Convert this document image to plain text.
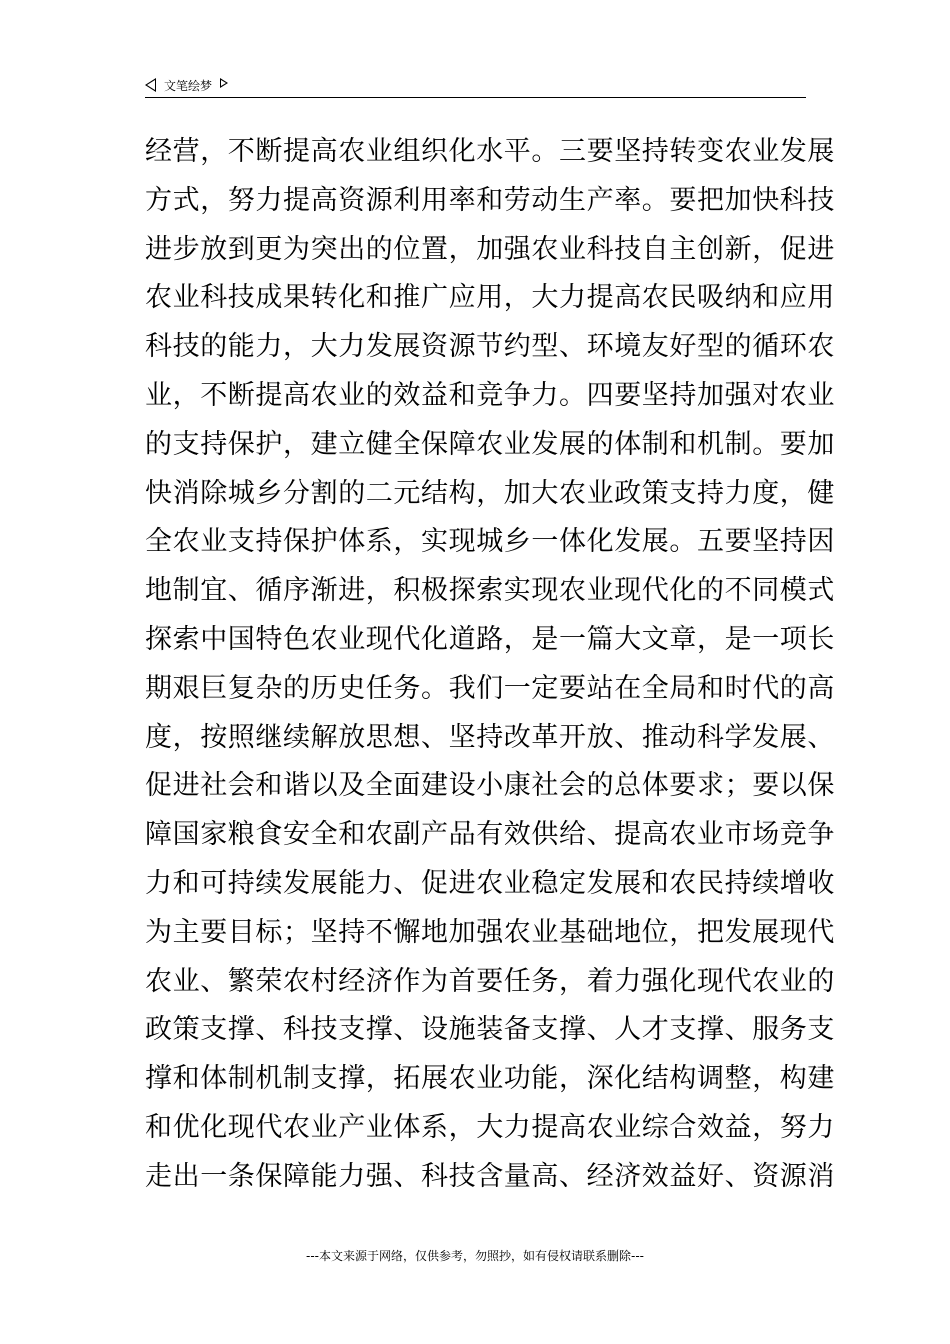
文笔绘梦
经营，不断提高农业组织化水平。三要坚持转变农业发展
方式，努力提高资源利用率和劳动生产率。要把加快科技
进步放到更为突出的位置，加强农业科技自主创新，促进
农业科技成果转化和推广应用，大力提高农民吸纳和应用
科技的能力，大力发展资源节约型、环境友好型的循环农
业，不断提高农业的效益和竞争力。四要坚持加强对农业
的支持保护，建立健全保障农业发展的体制和机制。要加
快消除城乡分割的二元结构，加大农业政策支持力度，健
全农业支持保护体系，实现城乡一体化发展。五要坚持因
地制宜、循序渐进，积极探索实现农业现代化的不同模式
探索中国特色农业现代化道路，是一篇大文章，是一项长
期艰巨复杂的历史任务。我们一定要站在全局和时代的高
度，按照继续解放思想、坚持改革开放、推动科学发展、
促进社会和谐以及全面建设小康社会的总体要求；要以保
障国家粮食安全和农副产品有效供给、提高农业市场竞争
力和可持续发展能力、促进农业稳定发展和农民持续增收
为主要目标；坚持不懈地加强农业基础地位，把发展现代
农业、繁荣农村经济作为首要任务，着力强化现代农业的
政策支撑、科技支撑、设施装备支撑、人才支撑、服务支
撑和体制机制支撑，拓展农业功能，深化结构调整，构建
和优化现代农业产业体系，大力提高农业综合效益，努力
走出一条保障能力强、科技含量高、经济效益好、资源消
---本文来源于网络，仅供参考，勿照抄，如有侵权请联系删除---
